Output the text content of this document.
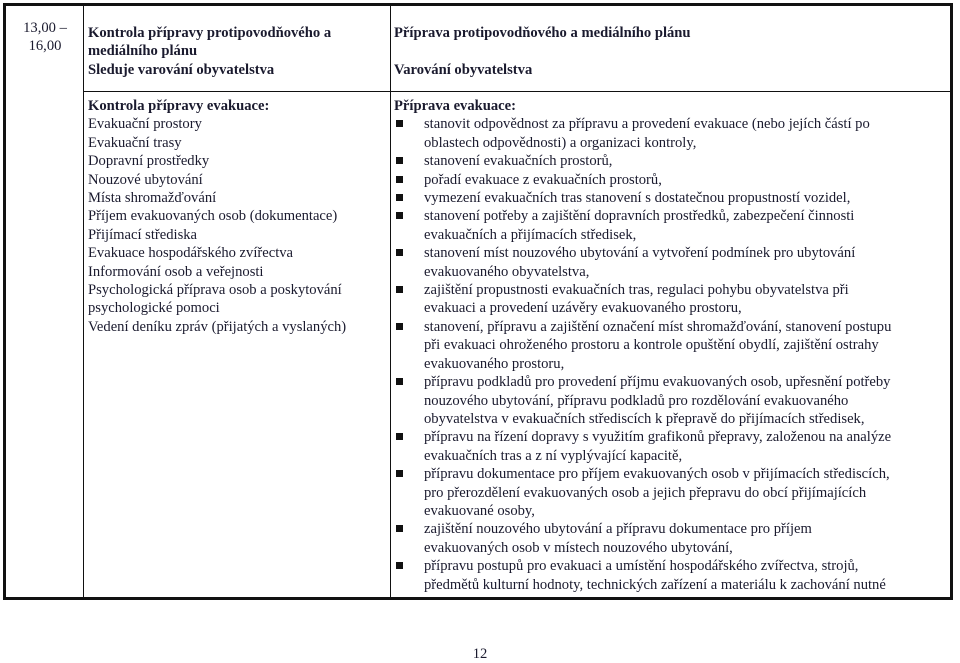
13,00 –
16,00
Kontrola přípravy protipovodňového a
mediálního plánu
Sleduje varování obyvatelstva
Kontrola přípravy evakuace:
Evakuační prostory
Evakuační trasy
Dopravní prostředky
Nouzové ubytování
Místa shromažďování
Příjem evakuovaných osob (dokumentace)
Přijímací střediska
Evakuace hospodářského zvířectva
Informování osob a veřejnosti
Psychologická příprava osob a poskytování
psychologické pomoci
Vedení deníku zpráv (přijatých a vyslaných)
Příprava protipovodňového a mediálního plánu
Varování obyvatelstva
Příprava evakuace:
stanovit odpovědnost za přípravu a provedení evakuace (nebo jejích částí po
oblastech odpovědnosti) a organizaci kontroly,
stanovení evakuačních prostorů,
pořadí evakuace z evakuačních prostorů,
vymezení evakuačních tras stanovení s dostatečnou propustností vozidel,
stanovení potřeby a zajištění dopravních prostředků, zabezpečení činnosti
evakuačních a přijímacích středisek,
stanovení míst nouzového ubytování a vytvoření podmínek pro ubytování
evakuovaného obyvatelstva,
zajištění propustnosti evakuačních tras, regulaci pohybu obyvatelstva při
evakuaci a provedení uzávěry evakuovaného prostoru,
stanovení, přípravu a zajištění označení míst shromažďování, stanovení postupu
při evakuaci ohroženého prostoru a kontrole opuštění obydlí, zajištění ostrahy
evakuovaného prostoru,
přípravu podkladů pro provedení příjmu evakuovaných osob, upřesnění potřeby
nouzového ubytování, přípravu podkladů pro rozdělování evakuovaného
obyvatelstva v evakuačních střediscích k přepravě do přijímacích středisek,
přípravu na řízení dopravy s využitím grafikonů přepravy, založenou na analýze
evakuačních tras a z ní vyplývající kapacitě,
přípravu dokumentace pro příjem evakuovaných osob v přijímacích střediscích,
pro přerozdělení evakuovaných osob a jejich přepravu do obcí přijímajících
evakuované osoby,
zajištění nouzového ubytování a přípravu dokumentace pro příjem
evakuovaných osob v místech nouzového ubytování,
přípravu postupů pro evakuaci a umístění hospodářského zvířectva, strojů,
předmětů kulturní hodnoty, technických zařízení a materiálu k zachování nutné
12
